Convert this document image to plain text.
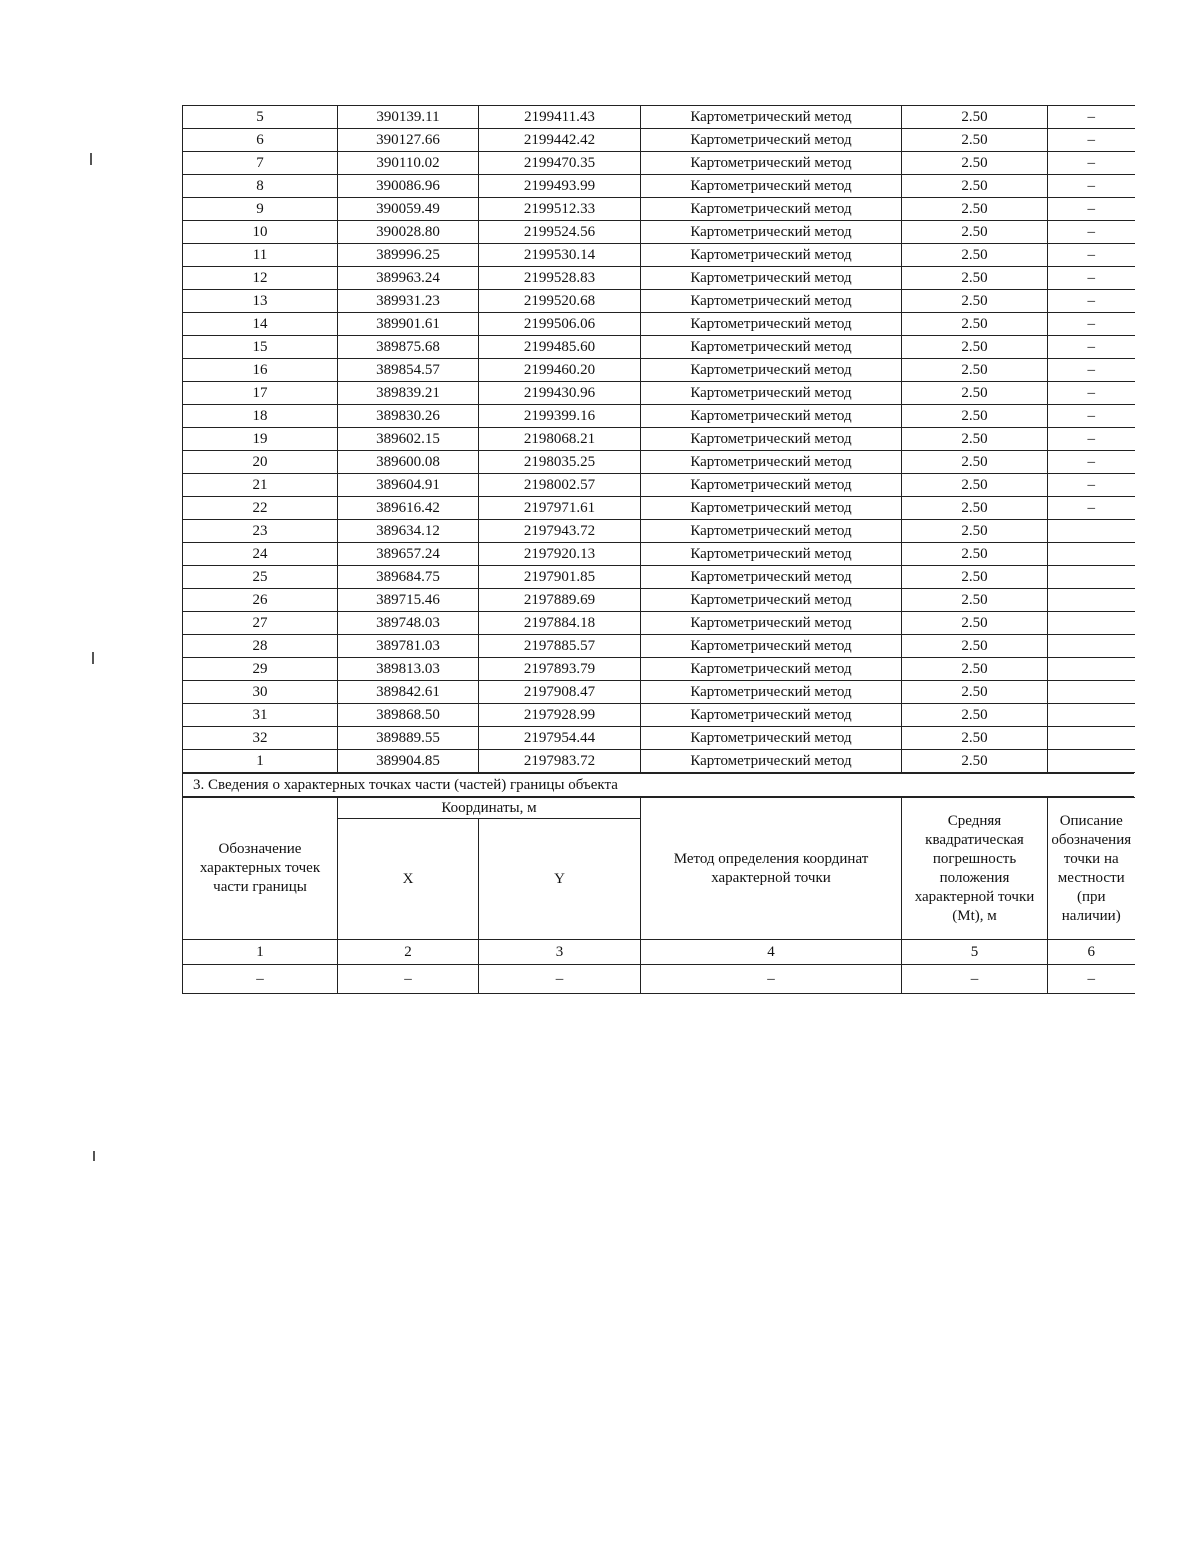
5	390139.11	2199411.43	Картометрический метод	2.50	–
6	390127.66	2199442.42	Картометрический метод	2.50	–
7	390110.02	2199470.35	Картометрический метод	2.50	–
8	390086.96	2199493.99	Картометрический метод	2.50	–
9	390059.49	2199512.33	Картометрический метод	2.50	–
10	390028.80	2199524.56	Картометрический метод	2.50	–
11	389996.25	2199530.14	Картометрический метод	2.50	–
12	389963.24	2199528.83	Картометрический метод	2.50	–
13	389931.23	2199520.68	Картометрический метод	2.50	–
14	389901.61	2199506.06	Картометрический метод	2.50	–
15	389875.68	2199485.60	Картометрический метод	2.50	–
16	389854.57	2199460.20	Картометрический метод	2.50	–
17	389839.21	2199430.96	Картометрический метод	2.50	–
18	389830.26	2199399.16	Картометрический метод	2.50	–
19	389602.15	2198068.21	Картометрический метод	2.50	–
20	389600.08	2198035.25	Картометрический метод	2.50	–
21	389604.91	2198002.57	Картометрический метод	2.50	–
22	389616.42	2197971.61	Картометрический метод	2.50	–
23	389634.12	2197943.72	Картометрический метод	2.50	
24	389657.24	2197920.13	Картометрический метод	2.50	
25	389684.75	2197901.85	Картометрический метод	2.50	
26	389715.46	2197889.69	Картометрический метод	2.50	
27	389748.03	2197884.18	Картометрический метод	2.50	
28	389781.03	2197885.57	Картометрический метод	2.50	
29	389813.03	2197893.79	Картометрический метод	2.50	
30	389842.61	2197908.47	Картометрический метод	2.50	
31	389868.50	2197928.99	Картометрический метод	2.50	
32	389889.55	2197954.44	Картометрический метод	2.50	
1	389904.85	2197983.72	Картометрический метод	2.50	
3. Сведения о характерных точках части (частей) границы объекта
Обозначение характерных точек части границы	Координаты, м		Метод определения координат характерной точки	Средняя квадратическая погрешность положения характерной точки (Mt), м	Описание обозначения точки на местности (при наличии)
	X	Y			
1	2	3	4	5	6
–	–	–	–	–	–
